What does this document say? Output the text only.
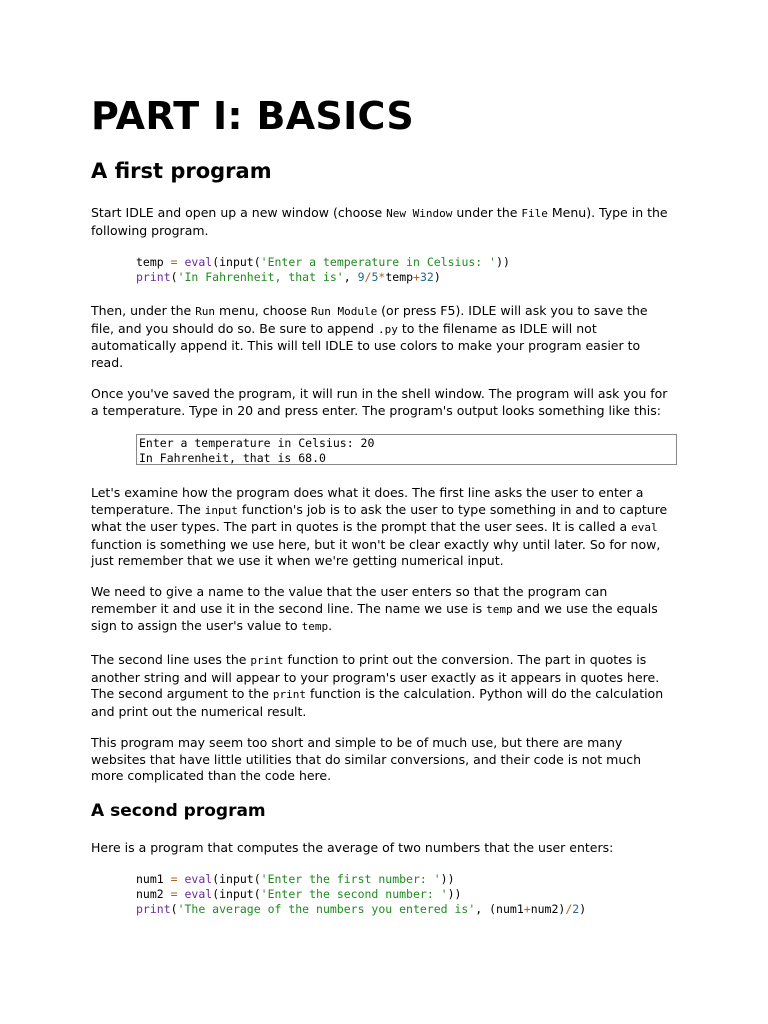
PART I: BASICS
A first program

Start IDLE and open up a new window (choose New Window under the File Menu). Type in the following program.

temp = eval(input('Enter a temperature in Celsius: '))
print('In Fahrenheit, that is', 9/5*temp+32)

Then, under the Run menu, choose Run Module (or press F5). IDLE will ask you to save the file, and you should do so. Be sure to append .py to the filename as IDLE will not automatically append it. This will tell IDLE to use colors to make your program easier to read.

Once you've saved the program, it will run in the shell window. The program will ask you for a temperature. Type in 20 and press enter. The program's output looks something like this:

Enter a temperature in Celsius: 20
In Fahrenheit, that is 68.0

Let's examine how the program does what it does. The first line asks the user to enter a temperature. The input function's job is to ask the user to type something in and to capture what the user types. The part in quotes is the prompt that the user sees. It is called a eval function is something we use here, but it won't be clear exactly why until later. So for now, just remember that we use it when we're getting numerical input.

We need to give a name to the value that the user enters so that the program can remember it and use it in the second line. The name we use is temp and we use the equals sign to assign the user's value to temp.

The second line uses the print function to print out the conversion. The part in quotes is another string and will appear to your program's user exactly as it appears in quotes here. The second argument to the print function is the calculation. Python will do the calculation and print out the numerical result.

This program may seem too short and simple to be of much use, but there are many websites that have little utilities that do similar conversions, and their code is not much more complicated than the code here.

A second program

Here is a program that computes the average of two numbers that the user enters:

num1 = eval(input('Enter the first number: '))
num2 = eval(input('Enter the second number: '))
print('The average of the numbers you entered is', (num1+num2)/2)
